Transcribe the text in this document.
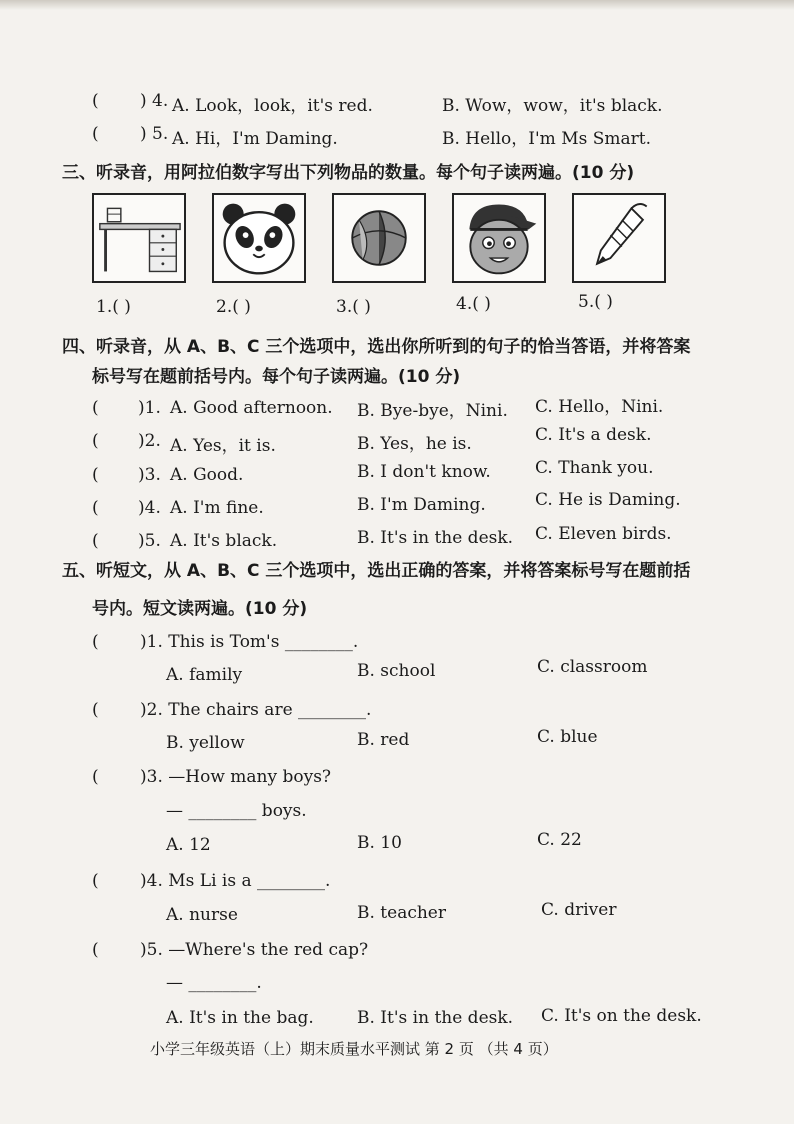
( ) 4. A. Look，look，it's red.	B. Wow，wow，it's black.
( ) 5. A. Hi，I'm Daming.	B. Hello，I'm Ms Smart.
三、听录音，用阿拉伯数字写出下列物品的数量。每个句子读两遍。(10 分)
1.( )	2.( )	3.( )	4.( )	5.( )
四、听录音，从 A、B、C 三个选项中，选出你所听到的句子的恰当答语，并将答案
标号写在题前括号内。每个句子读两遍。(10 分)
( )1. A. Good afternoon. B. Bye-bye，Nini. C. Hello，Nini.
( )2. A. Yes，it is.	B. Yes，he is.	C. It's a desk.
( )3. A. Good.	B. I don't know.	C. Thank you.
( )4. A. I'm fine.	B. I'm Daming.	C. He is Daming.
( )5. A. It's black.	B. It's in the desk. C. Eleven birds.
五、听短文，从 A、B、C 三个选项中，选出正确的答案，并将答案标号写在题前括
号内。短文读两遍。(10 分)
( )1. This is Tom's ________.
A. family	B. school	C. classroom
( )2. The chairs are ________.
B. yellow	B. red	C. blue
( )3. —How many boys?
— ________ boys.
A. 12	B. 10	C. 22
( )4. Ms Li is a ________.
A. nurse	B. teacher	C. driver
( )5. —Where's the red cap?
— ________.
A. It's in the bag.	B. It's in the desk. C. It's on the desk.
小学三年级英语（上）期末质量水平测试 第 2 页 （共 4 页）
